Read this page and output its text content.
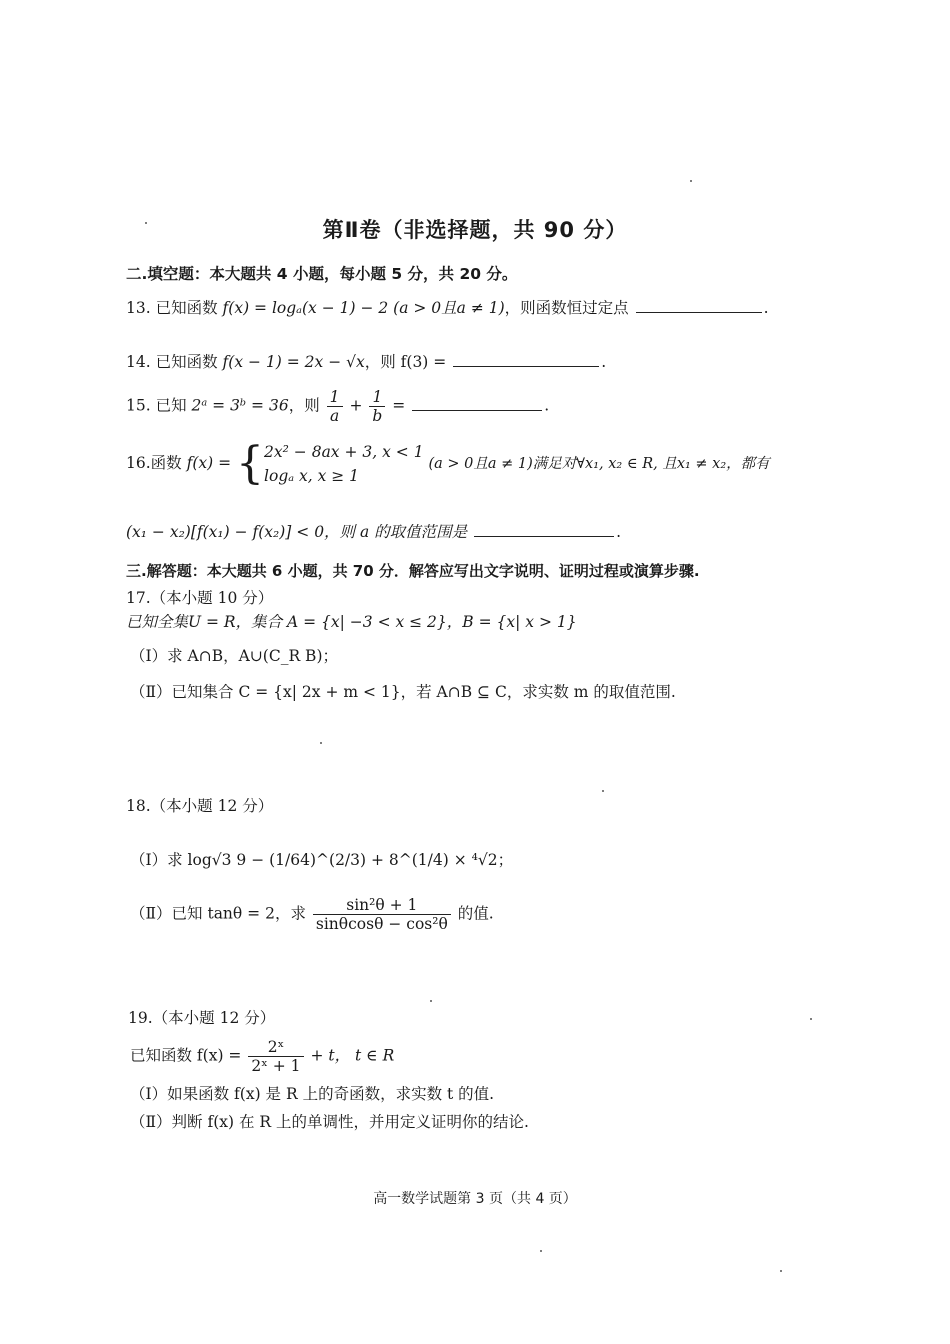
第Ⅱ卷（非选择题，共 90 分）
二.填空题：本大题共 4 小题，每小题 5 分，共 20 分。
13. 已知函数 f(x) = logₐ(x − 1) − 2 (a > 0且a ≠ 1)，则函数恒过定点	.
14. 已知函数 f(x − 1) = 2x − √x，则 f(3) =	.
15. 已知 2ᵃ = 3ᵇ = 36，则 $\frac{1}{a} + \frac{1}{b}$ =	.
16.函数 f(x) = { 2x² − 8ax + 3, x < 1
logₐ x, x ≥ 1
(a > 0且a ≠ 1)满足对∀x₁, x₂ ∈ R, 且x₁ ≠ x₂，都有
(x₁ − x₂)[f(x₁) − f(x₂)] < 0，则 a 的取值范围是	.
三.解答题：本大题共 6 小题，共 70 分．解答应写出文字说明、证明过程或演算步骤.
17.（本小题 10 分）
已知全集U = R，集合 A = {x| −3 < x ≤ 2}，B = {x| x > 1}
（Ⅰ）求 A∩B，A∪(C_R B)；
（Ⅱ）已知集合 C = {x| 2x + m < 1}，若 A∩B ⊆ C，求实数 m 的取值范围.
18.（本小题 12 分）
（Ⅰ）求 log√3 9 − (1/64)^(2/3) + 8^(1/4) × ⁴√2；
（Ⅱ）已知 tanθ = 2，求 $\frac{\text{sin²θ + 1}}{\text{sinθcosθ − cos²θ}}$ 的值.
19.（本小题 12 分）
已知函数 $f(x) = \frac{\text{2ˣ}}{\text{2ˣ + 1}} + t$， t ∈ R
（Ⅰ）如果函数 f(x) 是 R 上的奇函数，求实数 t 的值.
（Ⅱ）判断 f(x) 在 R 上的单调性，并用定义证明你的结论.
高一数学试题第 3 页（共 4 页）
